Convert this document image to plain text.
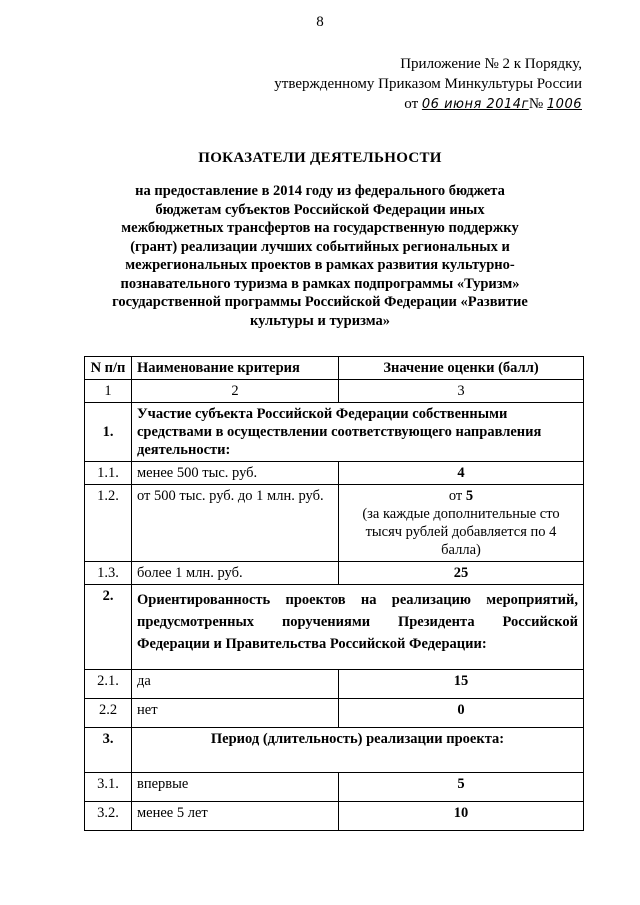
8
Приложение № 2 к Порядку,
утвержденному Приказом Минкультуры России
от 06 июня 2014г№ 1006
ПОКАЗАТЕЛИ ДЕЯТЕЛЬНОСТИ
на предоставление в 2014 году из федерального бюджета бюджетам субъектов Российской Федерации иных межбюджетных трансфертов на государственную поддержку (грант) реализации лучших событийных региональных и межрегиональных проектов в рамках развития культурно-познавательного туризма в рамках подпрограммы «Туризм» государственной программы Российской Федерации «Развитие культуры и туризма»
N п/п	Наименование критерия	Значение оценки (балл)
1	2	3
1.	Участие субъекта Российской Федерации собственными средствами в осуществлении соответствующего направления деятельности:	
1.1.	менее 500 тыс. руб.	4
1.2.	от 500 тыс. руб. до 1 млн. руб.	от 5
(за каждые дополнительные сто тысяч рублей добавляется по 4 балла)

1.3.	более 1 млн. руб.	25
2.	Ориентированность проектов на реализацию мероприятий, предусмотренных поручениями Президента Российской Федерации и Правительства Российской Федерации:	
2.1.	да	15
2.2	нет	0
3.	Период (длительность) реализации проекта:	
3.1.	впервые	5
3.2.	менее 5 лет	10
